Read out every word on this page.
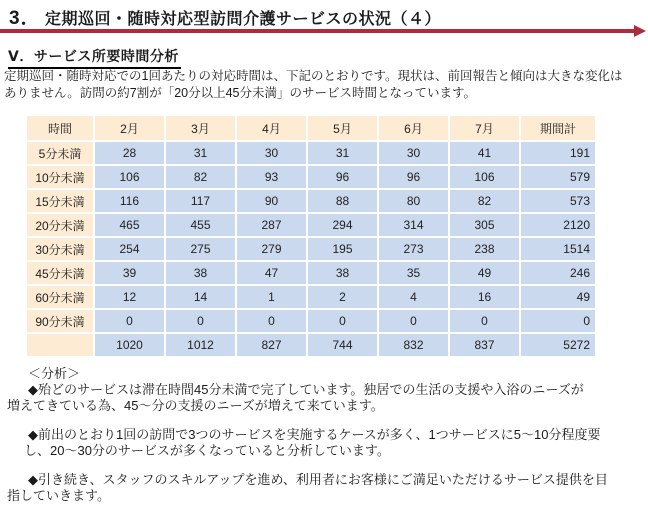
3． 定期巡回・随時対応型訪問介護サービスの状況（４）
Ⅴ．サービス所要時間分析
定期巡回・随時対応での1回あたりの対応時間は、下記のとおりです。現状は、前回報告と傾向は大きな変化は
ありません。訪問の約7割が「20分以上45分未満」のサービス時間となっています。
時間	2月	3月	4月	5月	6月	7月	期間計
5分未満	28	31	30	31	30	41	191
10分未満	106	82	93	96	96	106	579
15分未満	116	117	90	88	80	82	573
20分未満	465	455	287	294	314	305	2120
30分未満	254	275	279	195	273	238	1514
45分未満	39	38	47	38	35	49	246
60分未満	12	14	1	2	4	16	49
90分未満	0	0	0	0	0	0	0
	1020	1012	827	744	832	837	5272
＜分析＞
◆殆どのサービスは滞在時間45分未満で完了しています。独居での生活の支援や入浴のニーズが
増えてきている為、45～分の支援のニーズが増えて来ています。
◆前出のとおり1回の訪問で3つのサービスを実施するケースが多く、1つサービスに5～10分程度要
し、20～30分のサービスが多くなっていると分析しています。
◆引き続き、スタッフのスキルアップを進め、利用者にお客様にご満足いただけるサービス提供を目
指していきます。
